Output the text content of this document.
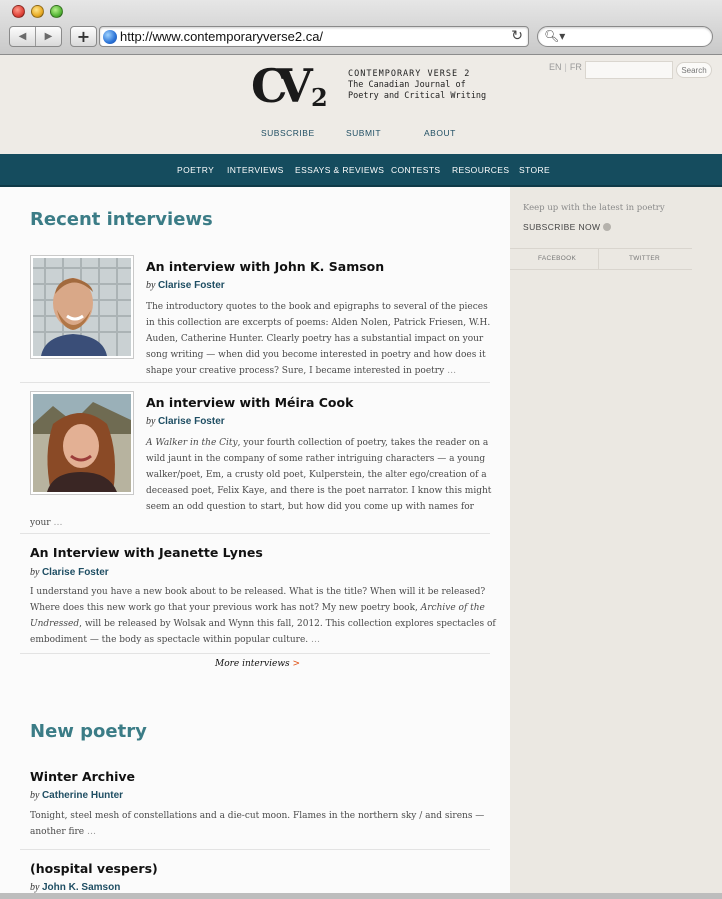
◀	▶	+	http://www.contemporaryverse2.ca/	↻ 🔍︎▾
C
V
2
CONTEMPORARY VERSE 2
The Canadian Journal of
Poetry and Critical Writing
EN | FR	Search
SUBSCRIBE	SUBMIT	ABOUT
POETRY INTERVIEWS ESSAYS & REVIEWS CONTESTS RESOURCES STORE
Recent interviews
An interview with John K. Samson
by Clarise Foster

The introductory quotes to the book and epigraphs to several of the pieces

in this collection are excerpts of poems: Alden Nolen, Patrick Friesen, W.H.

Auden, Catherine Hunter. Clearly poetry has a substantial impact on your

song writing — when did you become interested in poetry and how does it

shape your creative process? Sure, I became interested in poetry …

An interview with Méira Cook
by Clarise Foster

A Walker in the City, your fourth collection of poetry, takes the reader on a

wild jaunt in the company of some rather intriguing characters — a young

walker/poet, Em, a crusty old poet, Kulperstein, the alter ego/creation of a

deceased poet, Felix Kaye, and there is the poet narrator. I know this might

seem an odd question to start, but how did you come up with names for

your …

An Interview with Jeanette Lynes
by Clarise Foster

I understand you have a new book about to be released. What is the title? When will it be released?

Where does this new work go that your previous work has not? My new poetry book, Archive of the

Undressed, will be released by Wolsak and Wynn this fall, 2012. This collection explores spectacles of

embodiment — the body as spectacle within popular culture. …

More interviews >
New poetry
Winter Archive
by Catherine Hunter

Tonight, steel mesh of constellations and a die-cut moon. Flames in the northern sky / and sirens —

another fire …

(hospital vespers)
by John K. Samson
Keep up with the latest in poetry
SUBSCRIBE NOW
FACEBOOK	TWITTER
